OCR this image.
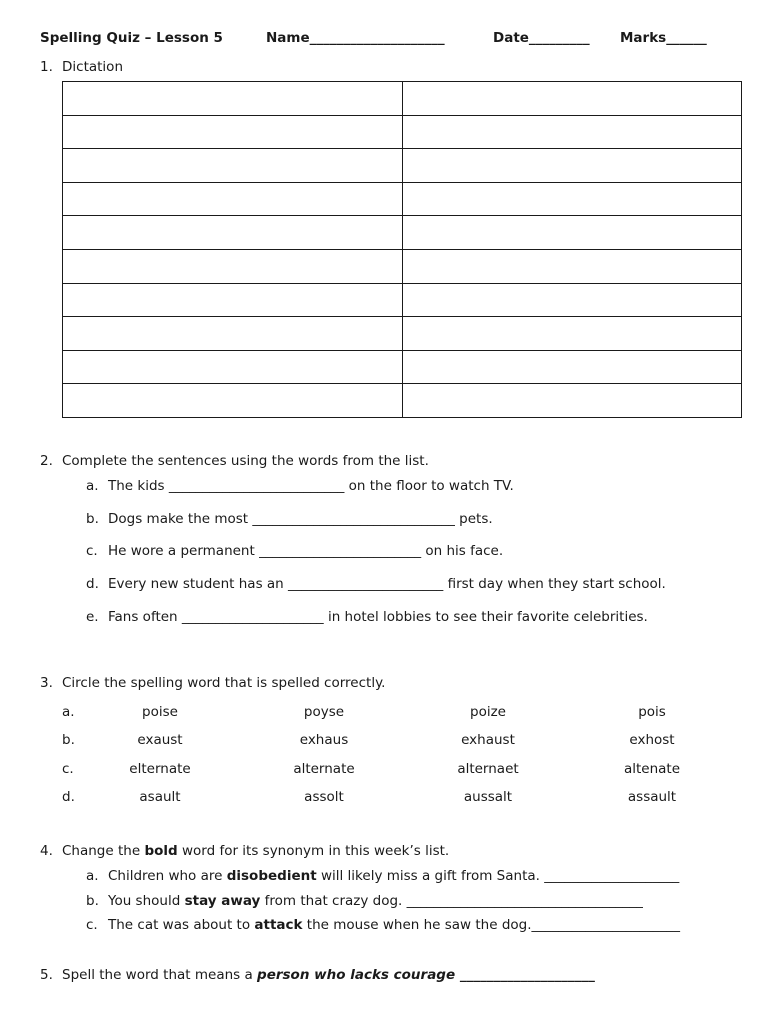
Spelling Quiz – Lesson 5	Name____________________	Date_________ Marks______
1. Dictation

2. Complete the sentences using the words from the list.
a. The kids __________________________ on the floor to watch TV.
b. Dogs make the most ______________________________ pets.
c. He wore a permanent ________________________ on his face.
d. Every new student has an _______________________ first day when they start school.
e. Fans often _____________________ in hotel lobbies to see their favorite celebrities.
3. Circle the spelling word that is spelled correctly.
a.	poise	poyse	poize	pois
b.	exaust	exhaus	exhaust	exhost
c.	elternate	alternate	alternaet	altenate
d.	asault	assolt	aussalt	assault
4. Change the bold word for its synonym in this week’s list.
a. Children who are disobedient will likely miss a gift from Santa. ____________________
b. You should stay away from that crazy dog. ___________________________________
c. The cat was about to attack the mouse when he saw the dog.______________________
5. Spell the word that means a person who lacks courage ____________________
